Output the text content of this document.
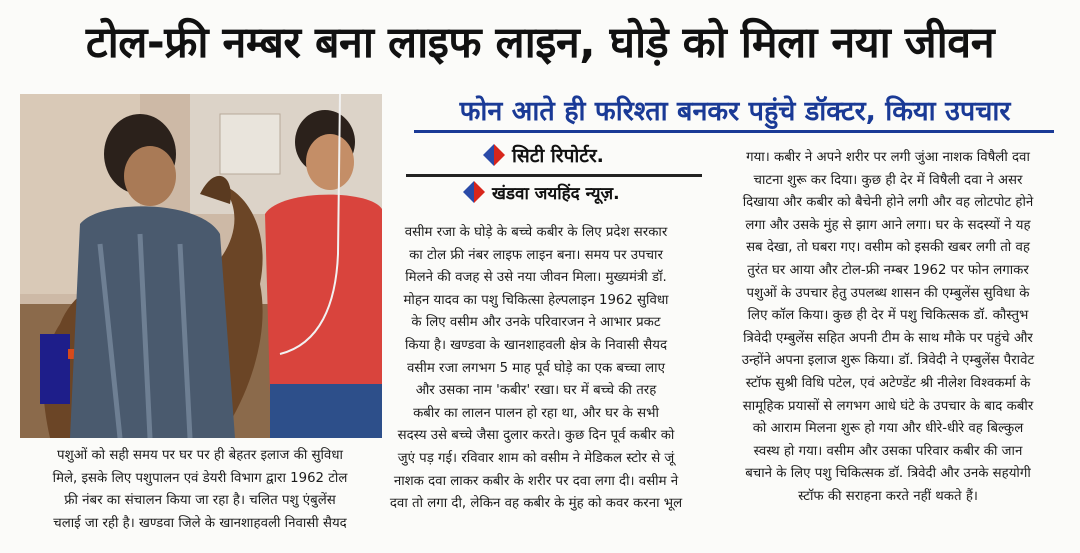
टोल-फ्री नम्बर बना लाइफ लाइन, घोड़े को मिला नया जीवन
फोन आते ही फरिश्ता बनकर पहुंचे डॉक्टर, किया उपचार
सिटी रिपोर्टर.
खंडवा जयहिंद न्यूज़.
पशुओं को सही समय पर घर पर ही बेहतर इलाज की सुविधा
मिले, इसके लिए पशुपालन एवं डेयरी विभाग द्वारा 1962 टोल
फ्री नंबर का संचालन किया जा रहा है। चलित पशु एंबुलेंस
चलाई जा रही है। खण्डवा जिले के खानशाहवली निवासी सैयद
वसीम रजा के घोड़े के बच्चे कबीर के लिए प्रदेश सरकार
का टोल फ्री नंबर लाइफ लाइन बना। समय पर उपचार
मिलने की वजह से उसे नया जीवन मिला। मुख्यमंत्री डॉ.
मोहन यादव का पशु चिकित्सा हेल्पलाइन 1962 सुविधा
के लिए वसीम और उनके परिवारजन ने आभार प्रकट
किया है। खण्डवा के खानशाहवली क्षेत्र के निवासी सैयद
वसीम रजा लगभग 5 माह पूर्व घोड़े का एक बच्चा लाए
और उसका नाम 'कबीर' रखा। घर में बच्चे की तरह
कबीर का लालन पालन हो रहा था, और घर के सभी
सदस्य उसे बच्चे जैसा दुलार करते। कुछ दिन पूर्व कबीर को
जुएं पड़ गई। रविवार शाम को वसीम ने मेडिकल स्टोर से जूं
नाशक दवा लाकर कबीर के शरीर पर दवा लगा दी। वसीम ने
दवा तो लगा दी, लेकिन वह कबीर के मुंह को कवर करना भूल
गया। कबीर ने अपने शरीर पर लगी जुंआ नाशक विषैली दवा
चाटना शुरू कर दिया। कुछ ही देर में विषैली दवा ने असर
दिखाया और कबीर को बैचेनी होने लगी और वह लोटपोट होने
लगा और उसके मुंह से झाग आने लगा। घर के सदस्यों ने यह
सब देखा, तो घबरा गए। वसीम को इसकी खबर लगी तो वह
तुरंत घर आया और टोल-फ्री नम्बर 1962 पर फोन लगाकर
पशुओं के उपचार हेतु उपलब्ध शासन की एम्बुलेंस सुविधा के
लिए कॉल किया। कुछ ही देर में पशु चिकित्सक डॉ. कौस्तुभ
त्रिवेदी एम्बुलेंस सहित अपनी टीम के साथ मौके पर पहुंचे और
उन्होंने अपना इलाज शुरू किया। डॉ. त्रिवेदी ने एम्बुलेंस पैरावेट
स्टॉफ सुश्री विधि पटेल, एवं अटेण्डेंट श्री नीलेश विश्वकर्मा के
सामूहिक प्रयासों से लगभग आधे घंटे के उपचार के बाद कबीर
को आराम मिलना शुरू हो गया और धीरे-धीरे वह बिल्कुल
स्वस्थ हो गया। वसीम और उसका परिवार कबीर की जान
बचाने के लिए पशु चिकित्सक डॉ. त्रिवेदी और उनके सहयोगी
स्टॉफ की सराहना करते नहीं थकते हैं।
